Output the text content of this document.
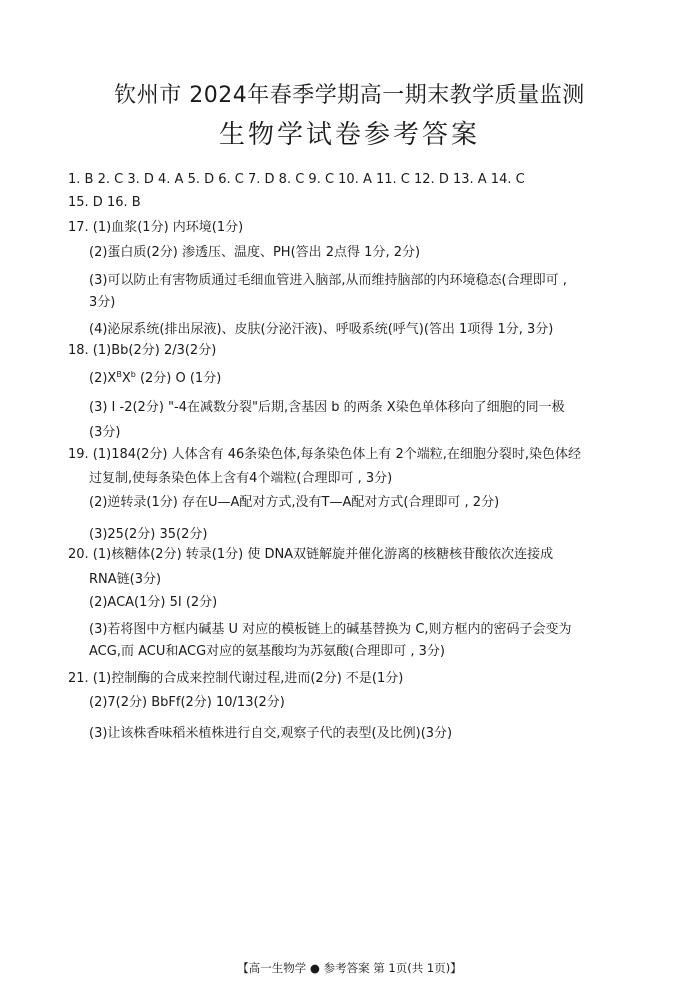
钦州市 2024年春季学期高一期末教学质量监测
生物学试卷参考答案
1. B 2. C 3. D 4. A 5. D 6. C 7. D 8. C 9. C 10. A 11. C 12. D 13. A 14. C
15. D 16. B
17. (1)血浆(1分) 内环境(1分)
(2)蛋白质(2分) 渗透压、温度、PH(答出 2点得 1分, 2分)
(3)可以防止有害物质通过毛细血管进入脑部,从而维持脑部的内环境稳态(合理即可 ,
3分)
(4)泌尿系统(排出尿液)、皮肤(分泌汗液)、呼吸系统(呼气)(答出 1项得 1分, 3分)
18. (1)Bb(2分) 2/3(2分)
$(2)X^BX^b$ (2分) O (1分)
(3) Ⅰ -2(2分) "-4在减数分裂"后期,含基因 b 的两条 X染色单体移向了细胞的同一极
(3分)
19. (1)184(2分) 人体含有 46条染色体,每条染色体上有 2个端粒,在细胞分裂时,染色体经
过复制,使每条染色体上含有4个端粒(合理即可 , 3分)
(2)逆转录(1分) 存在U—A配对方式,没有T—A配对方式(合理即可 , 2分)
(3)25(2分) 35(2分)
20. (1)核糖体(2分) 转录(1分) 使 DNA双链解旋并催化游离的核糖核苷酸依次连接成
RNA链(3分)
(2)ACA(1分) 5I (2分)
(3)若将图中方框内碱基 U 对应的模板链上的碱基替换为 C,则方框内的密码子会变为
ACG,而 ACU和ACG对应的氨基酸均为苏氨酸(合理即可 , 3分)
21. (1)控制酶的合成来控制代谢过程,进而(2分) 不是(1分)
(2)7(2分) BbFf(2分) 10/13(2分)
(3)让该株香味稻米植株进行自交,观察子代的表型(及比例)(3分)
【高一生物学 ● 参考答案 第 1页(共 1页)】
